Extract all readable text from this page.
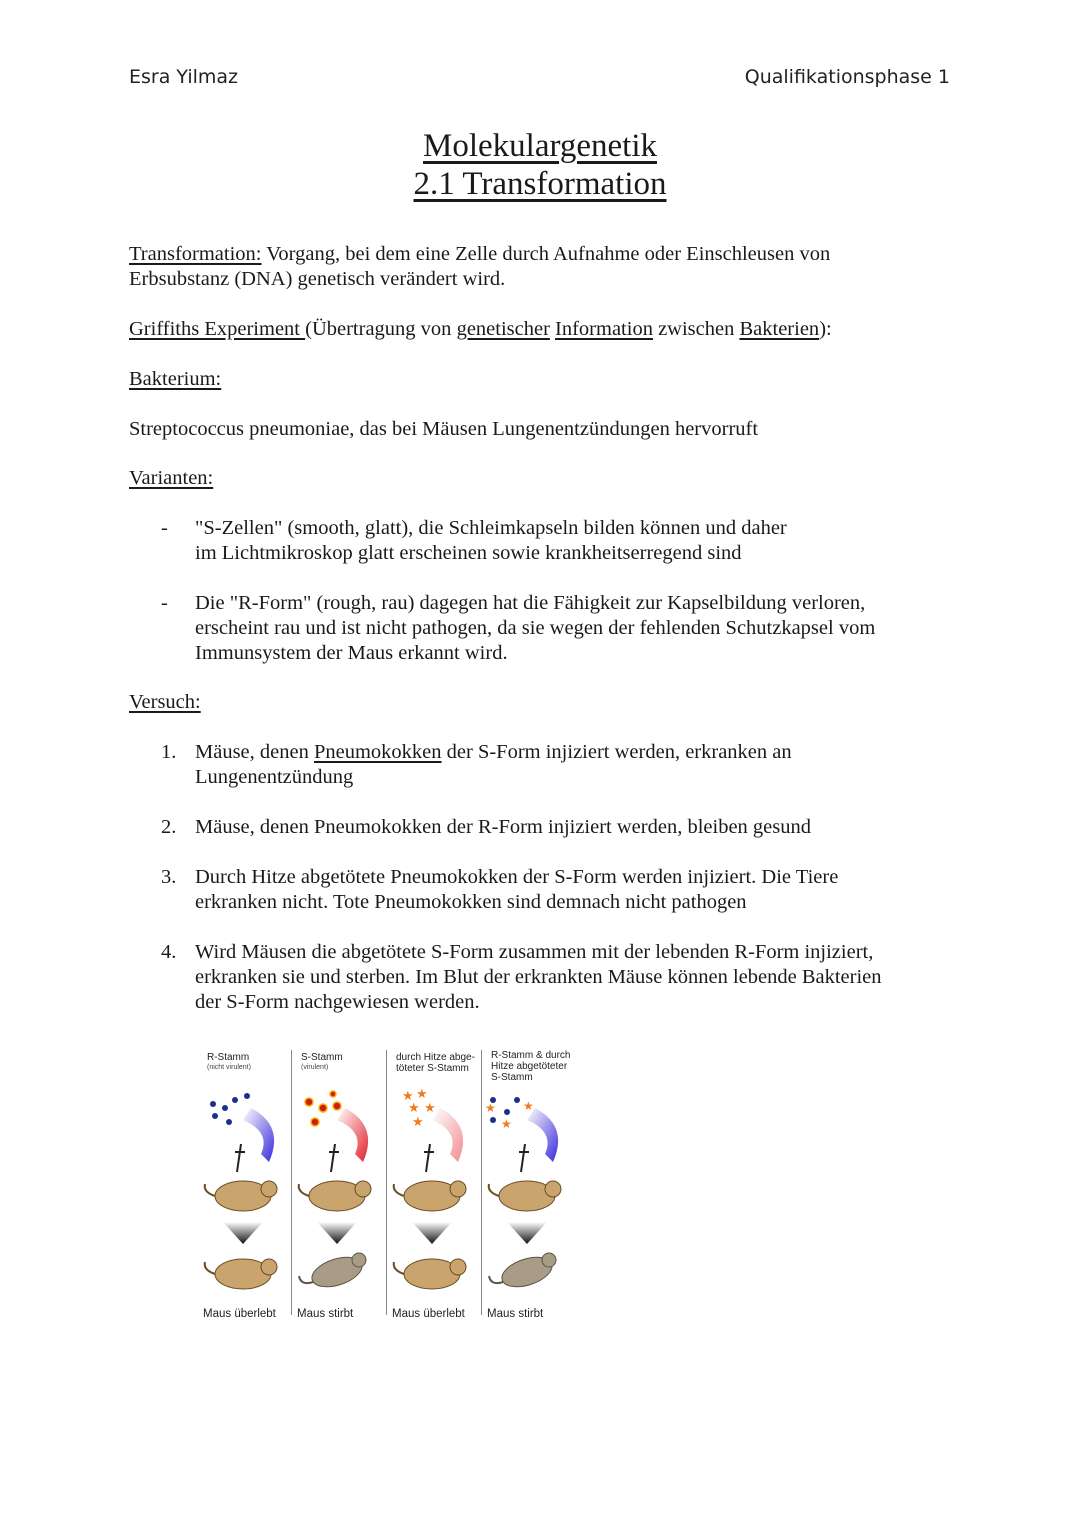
Esra Yilmaz	Qualifikationsphase 1
Molekulargenetik
2.1 Transformation
Transformation: Vorgang, bei dem eine Zelle durch Aufnahme oder Einschleusen von
Erbsubstanz (DNA) genetisch verändert wird.
Griffiths Experiment (Übertragung von genetischer Information zwischen Bakterien):
Bakterium:
Streptococcus pneumoniae, das bei Mäusen Lungenentzündungen hervorruft
Varianten:
-	"S-Zellen" (smooth, glatt), die Schleimkapseln bilden können und daher
im Lichtmikroskop glatt erscheinen sowie krankheitserregend sind
-	Die "R-Form" (rough, rau) dagegen hat die Fähigkeit zur Kapselbildung verloren,
erscheint rau und ist nicht pathogen, da sie wegen der fehlenden Schutzkapsel vom
Immunsystem der Maus erkannt wird.
Versuch:
1. Mäuse, denen Pneumokokken der S-Form injiziert werden, erkranken an
Lungenentzündung
2. Mäuse, denen Pneumokokken der R-Form injiziert werden, bleiben gesund
3. Durch Hitze abgetötete Pneumokokken der S-Form werden injiziert. Die Tiere
erkranken nicht. Tote Pneumokokken sind demnach nicht pathogen
4. Wird Mäusen die abgetötete S-Form zusammen mit der lebenden R-Form injiziert,
erkranken sie und sterben. Im Blut der erkrankten Mäuse können lebende Bakterien
der S-Form nachgewiesen werden.
R-Stamm
(nicht virulent)
Maus überlebt
S-Stamm
(virulent)
Maus stirbt
durch Hitze abge-
töteter S-Stamm
★ ★
★ ★
★
Maus überlebt
R-Stamm & durch
Hitze abgetöteter
S-Stamm
★ ★
★
Maus stirbt
